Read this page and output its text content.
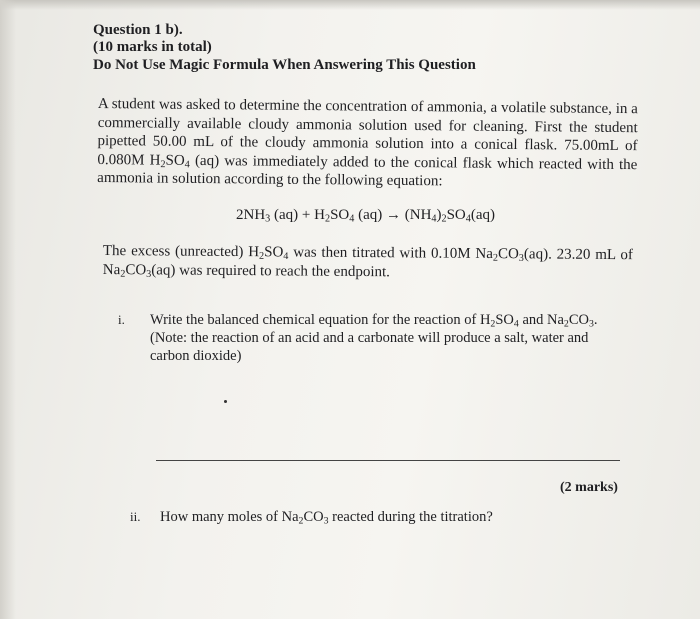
Question 1 b).
(10 marks in total)
Do Not Use Magic Formula When Answering This Question
A student was asked to determine the concentration of ammonia, a volatile substance, in a commercially available cloudy ammonia solution used for cleaning. First the student pipetted 50.00 mL of the cloudy ammonia solution into a conical flask. 75.00mL of 0.080M $H_2SO_4$ (aq) was immediately added to the conical flask which reacted with the ammonia in solution according to the following equation:
$2NH_3$ $(aq) + H_2SO_4$ $(aq) \to (NH_4)_2SO_4(aq)$
The excess (unreacted) $H_2SO_4$ was then titrated with 0.10M $Na_2CO_3(aq)$. 23.20 mL of $Na_2CO_3(aq)$ was required to reach the endpoint.
i. Write the balanced chemical equation for the reaction of $H_2SO_4$ and $Na_2CO_3$. (Note: the reaction of an acid and a carbonate will produce a salt, water and carbon dioxide)
(2 marks)
ii. How many moles of $Na_2CO_3$ reacted during the titration?
